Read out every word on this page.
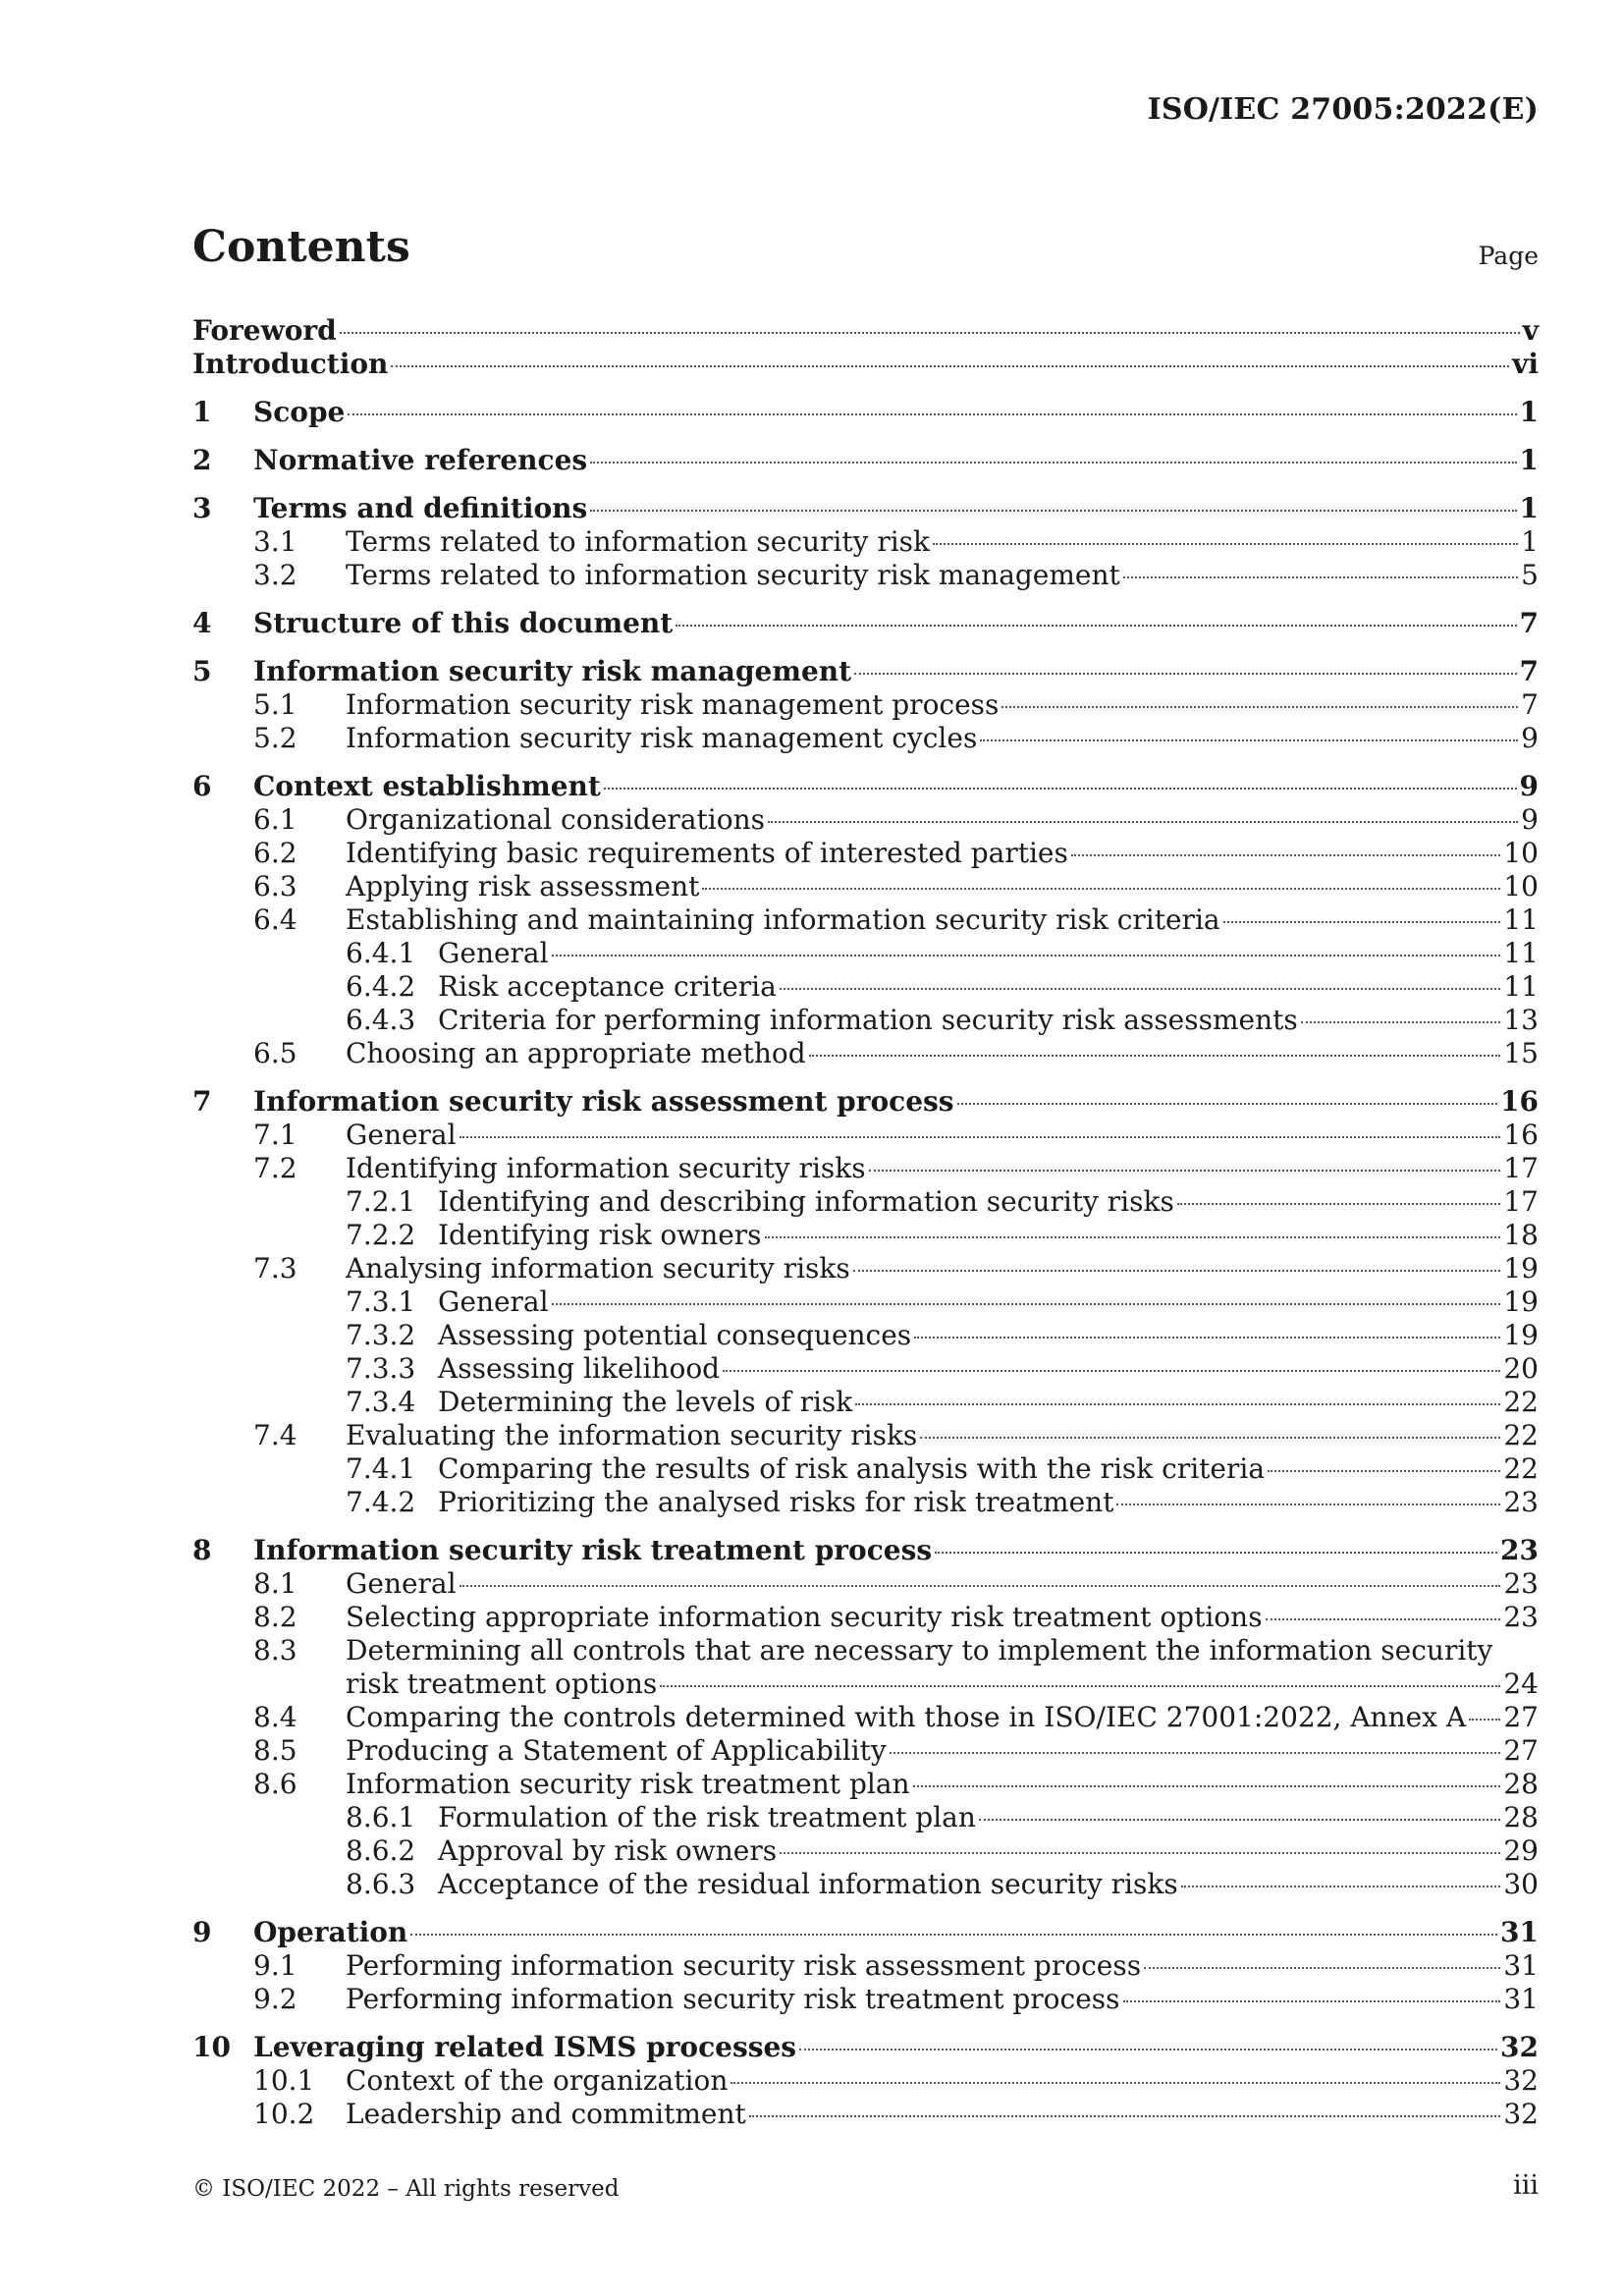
ISO/IEC 27005:2022(E)
Contents	Page
Foreword	v
Introduction	vi
1 Scope	1
2 Normative references	1
3 Terms and definitions	1
3.1 Terms related to information security risk	1
3.2 Terms related to information security risk management	5
4 Structure of this document	7
5 Information security risk management	7
5.1 Information security risk management process	7
5.2 Information security risk management cycles	9
6 Context establishment	9
6.1 Organizational considerations	9
6.2 Identifying basic requirements of interested parties	10
6.3 Applying risk assessment	10
6.4 Establishing and maintaining information security risk criteria	11
6.4.1 General	11
6.4.2 Risk acceptance criteria	11
6.4.3 Criteria for performing information security risk assessments	13
6.5 Choosing an appropriate method	15
7 Information security risk assessment process	16
7.1 General	16
7.2 Identifying information security risks	17
7.2.1 Identifying and describing information security risks	17
7.2.2 Identifying risk owners	18
7.3 Analysing information security risks	19
7.3.1 General	19
7.3.2 Assessing potential consequences	19
7.3.3 Assessing likelihood	20
7.3.4 Determining the levels of risk	22
7.4 Evaluating the information security risks	22
7.4.1 Comparing the results of risk analysis with the risk criteria	22
7.4.2 Prioritizing the analysed risks for risk treatment	23
8 Information security risk treatment process	23
8.1 General	23
8.2 Selecting appropriate information security risk treatment options	23
8.3 Determining all controls that are necessary to implement the information security
risk treatment options	24
8.4 Comparing the controls determined with those in ISO/IEC 27001:2022, Annex A 27
8.5 Producing a Statement of Applicability	27
8.6 Information security risk treatment plan	28
8.6.1 Formulation of the risk treatment plan	28
8.6.2 Approval by risk owners	29
8.6.3 Acceptance of the residual information security risks	30
9 Operation	31
9.1 Performing information security risk assessment process	31
9.2 Performing information security risk treatment process	31
10 Leveraging related ISMS processes	32
10.1 Context of the organization	32
10.2 Leadership and commitment	32
© ISO/IEC 2022 – All rights reserved	iii
